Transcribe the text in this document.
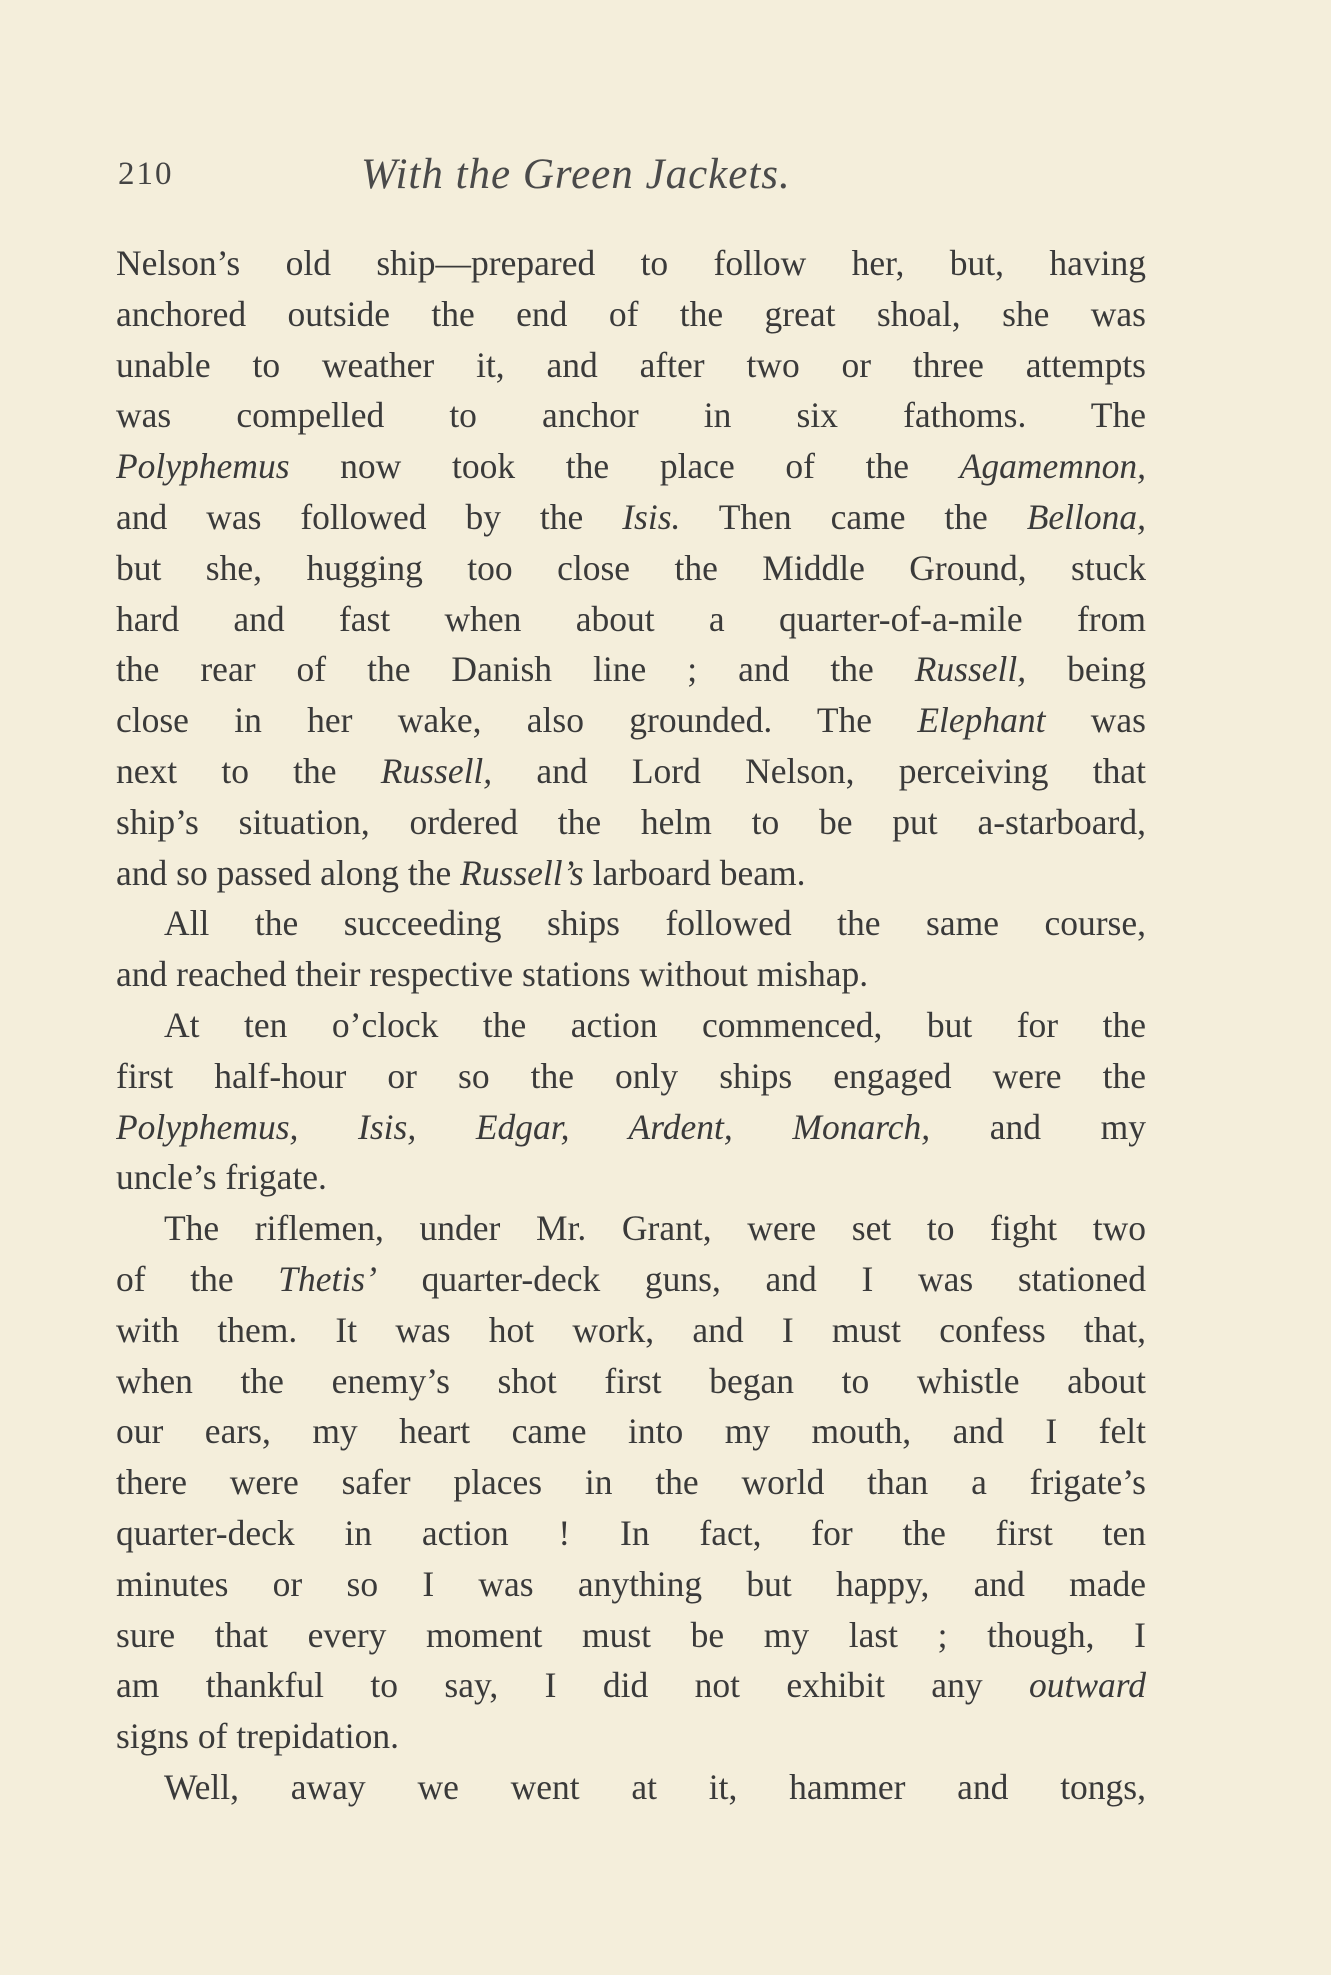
210	With the Green Jackets.
Nelson’s old ship—prepared to follow her, but, having
anchored outside the end of the great shoal, she was
unable to weather it, and after two or three attempts
was compelled to anchor in six fathoms. The
Polyphemus now took the place of the Agamemnon,
and was followed by the Isis. Then came the Bellona,
but she, hugging too close the Middle Ground, stuck
hard and fast when about a quarter-of-a-mile from
the rear of the Danish line ; and the Russell, being
close in her wake, also grounded. The Elephant was
next to the Russell, and Lord Nelson, perceiving that
ship’s situation, ordered the helm to be put a-starboard,
and so passed along the Russell’s larboard beam.
All the succeeding ships followed the same course,
and reached their respective stations without mishap.
At ten o’clock the action commenced, but for the
first half-hour or so the only ships engaged were the
Polyphemus, Isis, Edgar, Ardent, Monarch, and my
uncle’s frigate.
The riflemen, under Mr. Grant, were set to fight two
of the Thetis’ quarter-deck guns, and I was stationed
with them. It was hot work, and I must confess that,
when the enemy’s shot first began to whistle about
our ears, my heart came into my mouth, and I felt
there were safer places in the world than a frigate’s
quarter-deck in action ! In fact, for the first ten
minutes or so I was anything but happy, and made
sure that every moment must be my last ; though, I
am thankful to say, I did not exhibit any outward
signs of trepidation.
Well, away we went at it, hammer and tongs,
